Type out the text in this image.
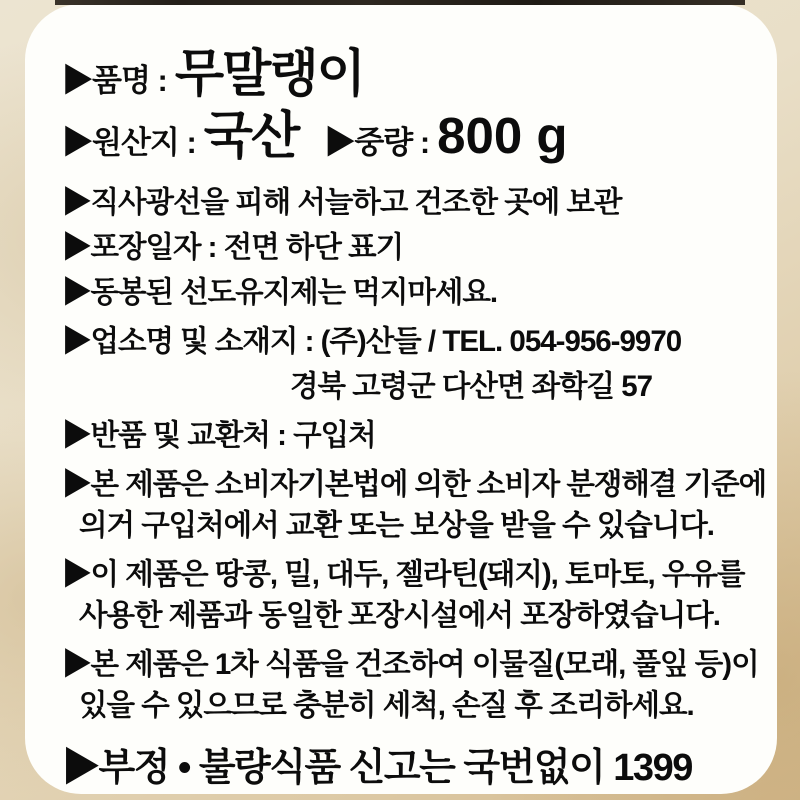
▶품명 : 무말랭이
▶원산지 : 국산 ▶중량 : 800 g
▶직사광선을 피해 서늘하고 건조한 곳에 보관
▶포장일자 : 전면 하단 표기
▶동봉된 선도유지제는 먹지마세요.
▶업소명 및 소재지 : (주)산들 / TEL. 054-956-9970
경북 고령군 다산면 좌학길 57
▶반품 및 교환처 : 구입처
▶본 제품은 소비자기본법에 의한 소비자 분쟁해결 기준에
의거 구입처에서 교환 또는 보상을 받을 수 있습니다.
▶이 제품은 땅콩, 밀, 대두, 젤라틴(돼지), 토마토, 우유를
사용한 제품과 동일한 포장시설에서 포장하였습니다.
▶본 제품은 1차 식품을 건조하여 이물질(모래, 풀잎 등)이
있을 수 있으므로 충분히 세척, 손질 후 조리하세요.
▶부정 • 불량식품 신고는 국번없이 1399
